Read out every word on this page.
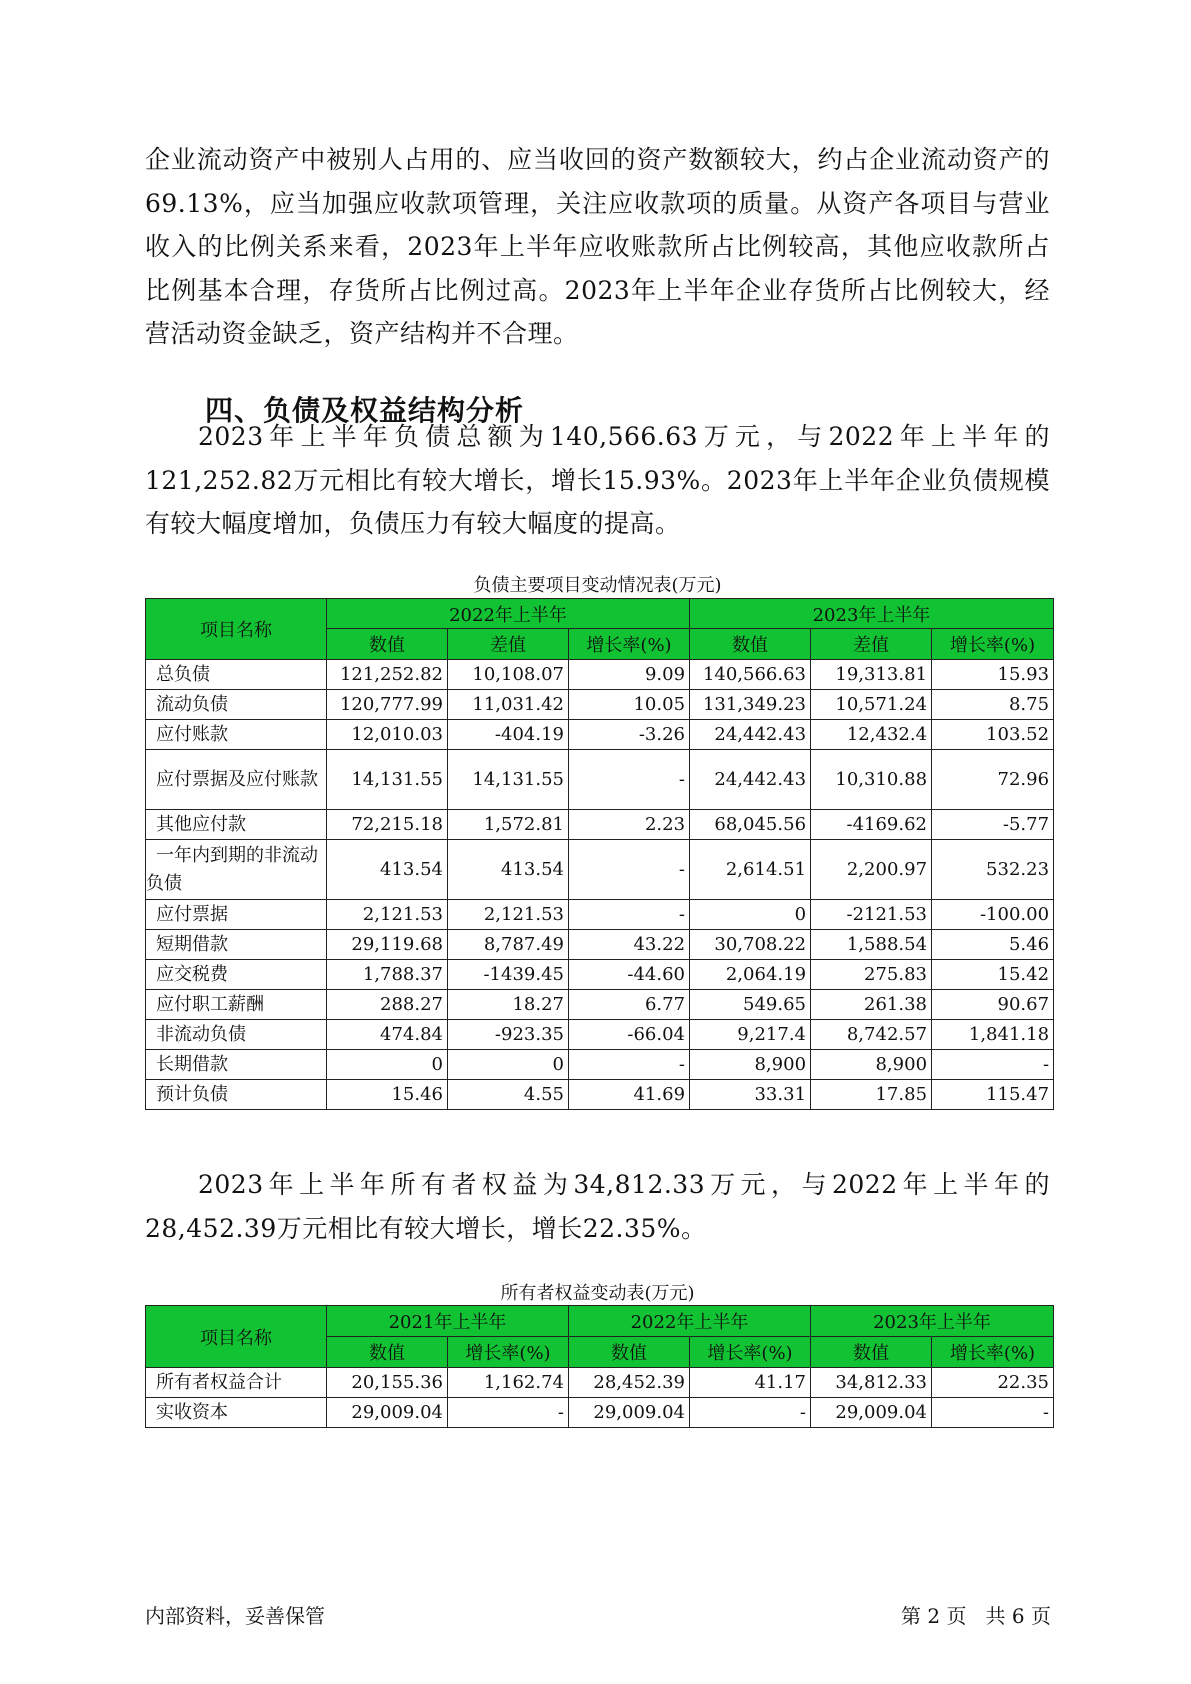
企业流动资产中被别人占用的、应当收回的资产数额较大，约占企业流动资产的69.13%，应当加强应收款项管理，关注应收款项的质量。从资产各项目与营业收入的比例关系来看，2023年上半年应收账款所占比例较高，其他应收款所占比例基本合理，存货所占比例过高。2023年上半年企业存货所占比例较大，经营活动资金缺乏，资产结构并不合理。
四、负债及权益结构分析
2023年上半年负债总额为140,566.63万元，与2022年上半年的121,252.82万元相比有较大增长，增长15.93%。2023年上半年企业负债规模有较大幅度增加，负债压力有较大幅度的提高。
负债主要项目变动情况表(万元)
项目名称	2022年上半年			2023年上半年		
	数值	差值	增长率(%)	数值	差值	增长率(%)
总负债	121,252.82	10,108.07	9.09	140,566.63	19,313.81	15.93
流动负债	120,777.99	11,031.42	10.05	131,349.23	10,571.24	8.75
应付账款	12,010.03	-404.19	-3.26	24,442.43	12,432.4	103.52
应付票据及应付账款	14,131.55	14,131.55	-	24,442.43	10,310.88	72.96
其他应付款	72,215.18	1,572.81	2.23	68,045.56	-4169.62	-5.77
一年内到期的非流动负债	413.54	413.54	-	2,614.51	2,200.97	532.23
应付票据	2,121.53	2,121.53	-	0	-2121.53	-100.00
短期借款	29,119.68	8,787.49	43.22	30,708.22	1,588.54	5.46
应交税费	1,788.37	-1439.45	-44.60	2,064.19	275.83	15.42
应付职工薪酬	288.27	18.27	6.77	549.65	261.38	90.67
非流动负债	474.84	-923.35	-66.04	9,217.4	8,742.57	1,841.18
长期借款	0	0	-	8,900	8,900	-
预计负债	15.46	4.55	41.69	33.31	17.85	115.47
2023年上半年所有者权益为34,812.33万元，与2022年上半年的28,452.39万元相比有较大增长，增长22.35%。
所有者权益变动表(万元)
项目名称	2021年上半年		2022年上半年		2023年上半年	
	数值	增长率(%)	数值	增长率(%)	数值	增长率(%)
所有者权益合计	20,155.36	1,162.74	28,452.39	41.17	34,812.33	22.35
实收资本	29,009.04	-	29,009.04	-	29,009.04	-
内部资料，妥善保管	第 2 页   共 6 页
